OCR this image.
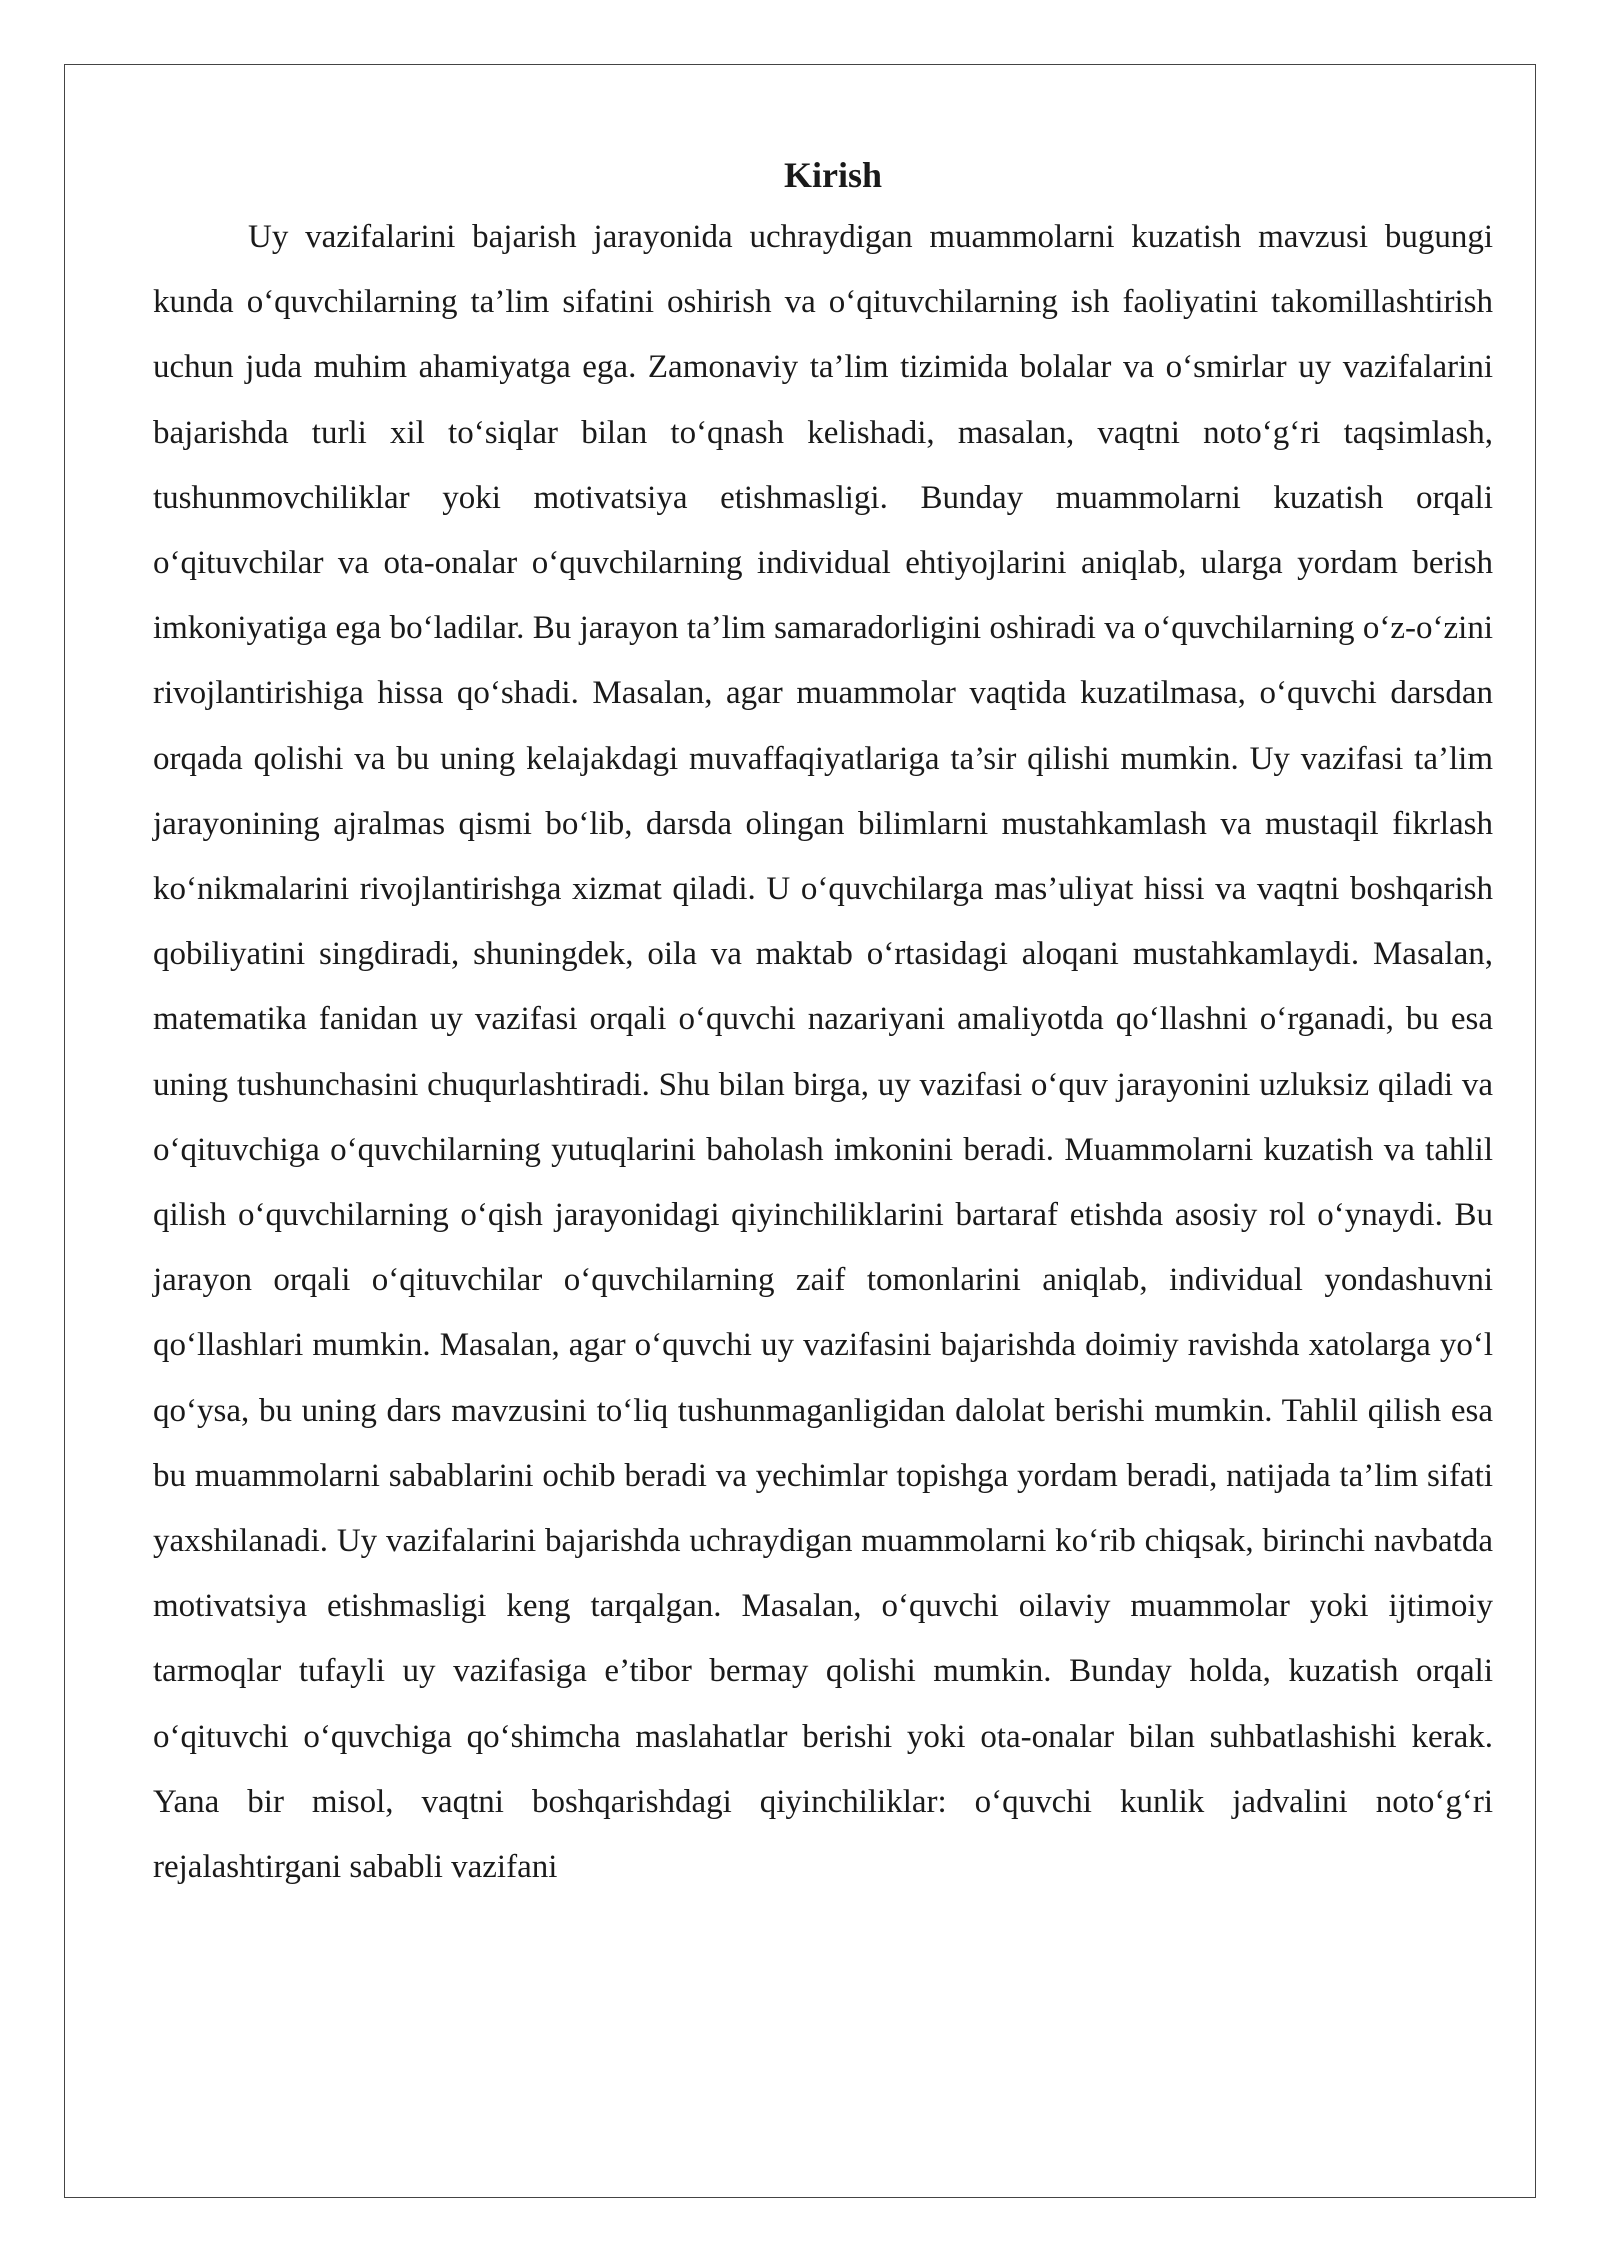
Kirish

Uy vazifalarini bajarish jarayonida uchraydigan muammolarni kuzatish mavzusi bugungi kunda o‘quvchilarning ta’lim sifatini oshirish va o‘qituvchilarning ish faoliyatini takomillashtirish uchun juda muhim ahamiyatga ega. Zamonaviy ta’lim tizimida bolalar va o‘smirlar uy vazifalarini bajarishda turli xil to‘siqlar bilan to‘qnash kelishadi, masalan, vaqtni noto‘g‘ri taqsimlash, tushunmovchiliklar yoki motivatsiya etishmasligi. Bunday muammolarni kuzatish orqali o‘qituvchilar va ota-onalar o‘quvchilarning individual ehtiyojlarini aniqlab, ularga yordam berish imkoniyatiga ega bo‘ladilar. Bu jarayon ta’lim samaradorligini oshiradi va o‘quvchilarning o‘z-o‘zini rivojlantirishiga hissa qo‘shadi. Masalan, agar muammolar vaqtida kuzatilmasa, o‘quvchi darsdan orqada qolishi va bu uning kelajakdagi muvaffaqiyatlariga ta’sir qilishi mumkin. Uy vazifasi ta’lim jarayonining ajralmas qismi bo‘lib, darsda olingan bilimlarni mustahkamlash va mustaqil fikrlash ko‘nikmalarini rivojlantirishga xizmat qiladi. U o‘quvchilarga mas’uliyat hissi va vaqtni boshqarish qobiliyatini singdiradi, shuningdek, oila va maktab o‘rtasidagi aloqani mustahkamlaydi. Masalan, matematika fanidan uy vazifasi orqali o‘quvchi nazariyani amaliyotda qo‘llashni o‘rganadi, bu esa uning tushunchasini chuqurlashtiradi. Shu bilan birga, uy vazifasi o‘quv jarayonini uzluksiz qiladi va o‘qituvchiga o‘quvchilarning yutuqlarini baholash imkonini beradi. Muammolarni kuzatish va tahlil qilish o‘quvchilarning o‘qish jarayonidagi qiyinchiliklarini bartaraf etishda asosiy rol o‘ynaydi. Bu jarayon orqali o‘qituvchilar o‘quvchilarning zaif tomonlarini aniqlab, individual yondashuvni qo‘llashlari mumkin. Masalan, agar o‘quvchi uy vazifasini bajarishda doimiy ravishda xatolarga yo‘l qo‘ysa, bu uning dars mavzusini to‘liq tushunmaganligidan dalolat berishi mumkin. Tahlil qilish esa bu muammolarni sabablarini ochib beradi va yechimlar topishga yordam beradi, natijada ta’lim sifati yaxshilanadi. Uy vazifalarini bajarishda uchraydigan muammolarni ko‘rib chiqsak, birinchi navbatda motivatsiya etishmasligi keng tarqalgan. Masalan, o‘quvchi oilaviy muammolar yoki ijtimoiy tarmoqlar tufayli uy vazifasiga e’tibor bermay qolishi mumkin. Bunday holda, kuzatish orqali o‘qituvchi o‘quvchiga qo‘shimcha maslahatlar berishi yoki ota-onalar bilan suhbatlashishi kerak. Yana bir misol, vaqtni boshqarishdagi qiyinchiliklar: o‘quvchi kunlik jadvalini noto‘g‘ri rejalashtirgani sababli vazifani
